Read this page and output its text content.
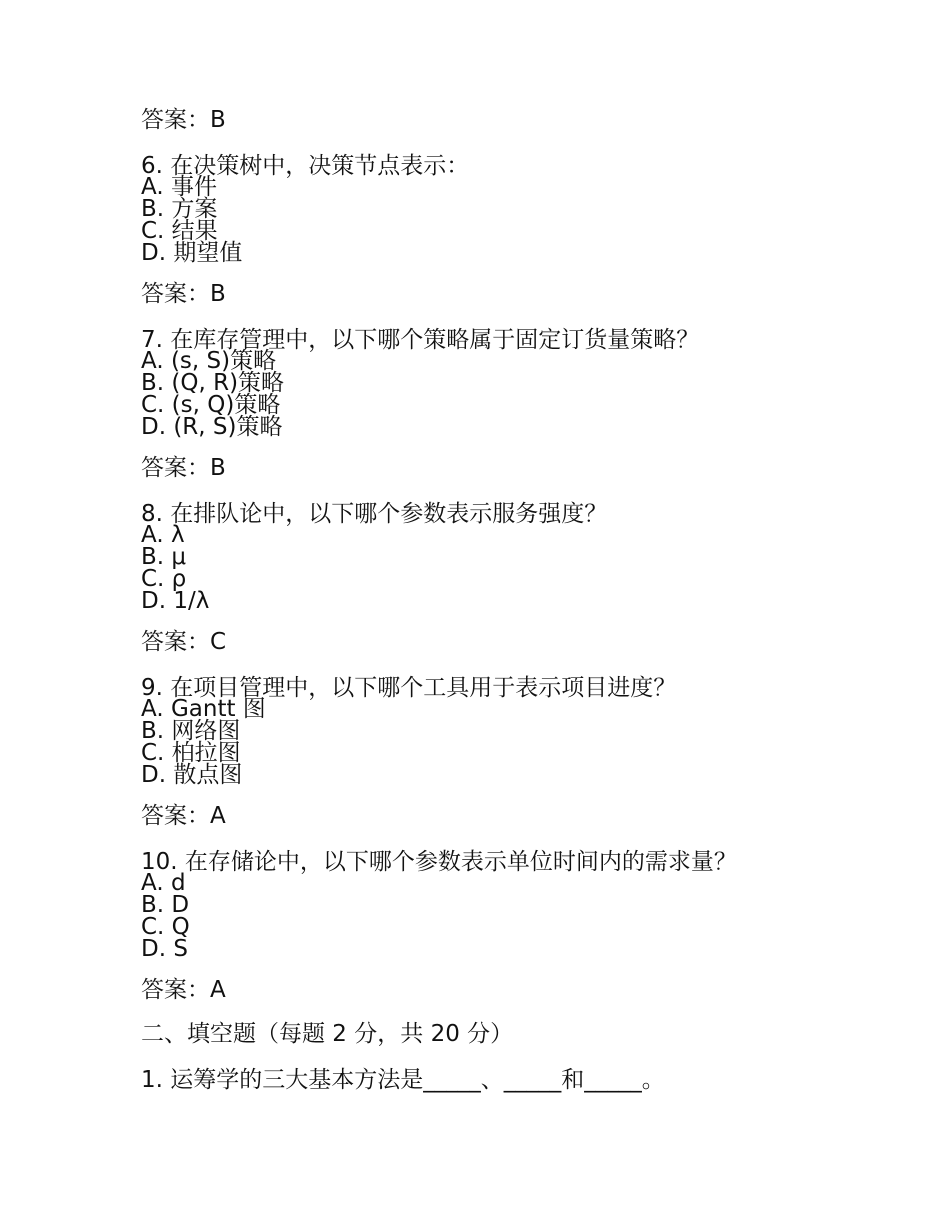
答案：B
6. 在决策树中，决策节点表示：
A. 事件
B. 方案
C. 结果
D. 期望值
答案：B
7. 在库存管理中，以下哪个策略属于固定订货量策略？
A. (s, S)策略
B. (Q, R)策略
C. (s, Q)策略
D. (R, S)策略
答案：B
8. 在排队论中，以下哪个参数表示服务强度？
A. λ
B. μ
C. ρ
D. 1/λ
答案：C
9. 在项目管理中，以下哪个工具用于表示项目进度？
A. Gantt 图
B. 网络图
C. 柏拉图
D. 散点图
答案：A
10. 在存储论中，以下哪个参数表示单位时间内的需求量？
A. d
B. D
C. Q
D. S
答案：A
二、填空题（每题 2 分，共 20 分）
1. 运筹学的三大基本方法是_____、_____和_____。
